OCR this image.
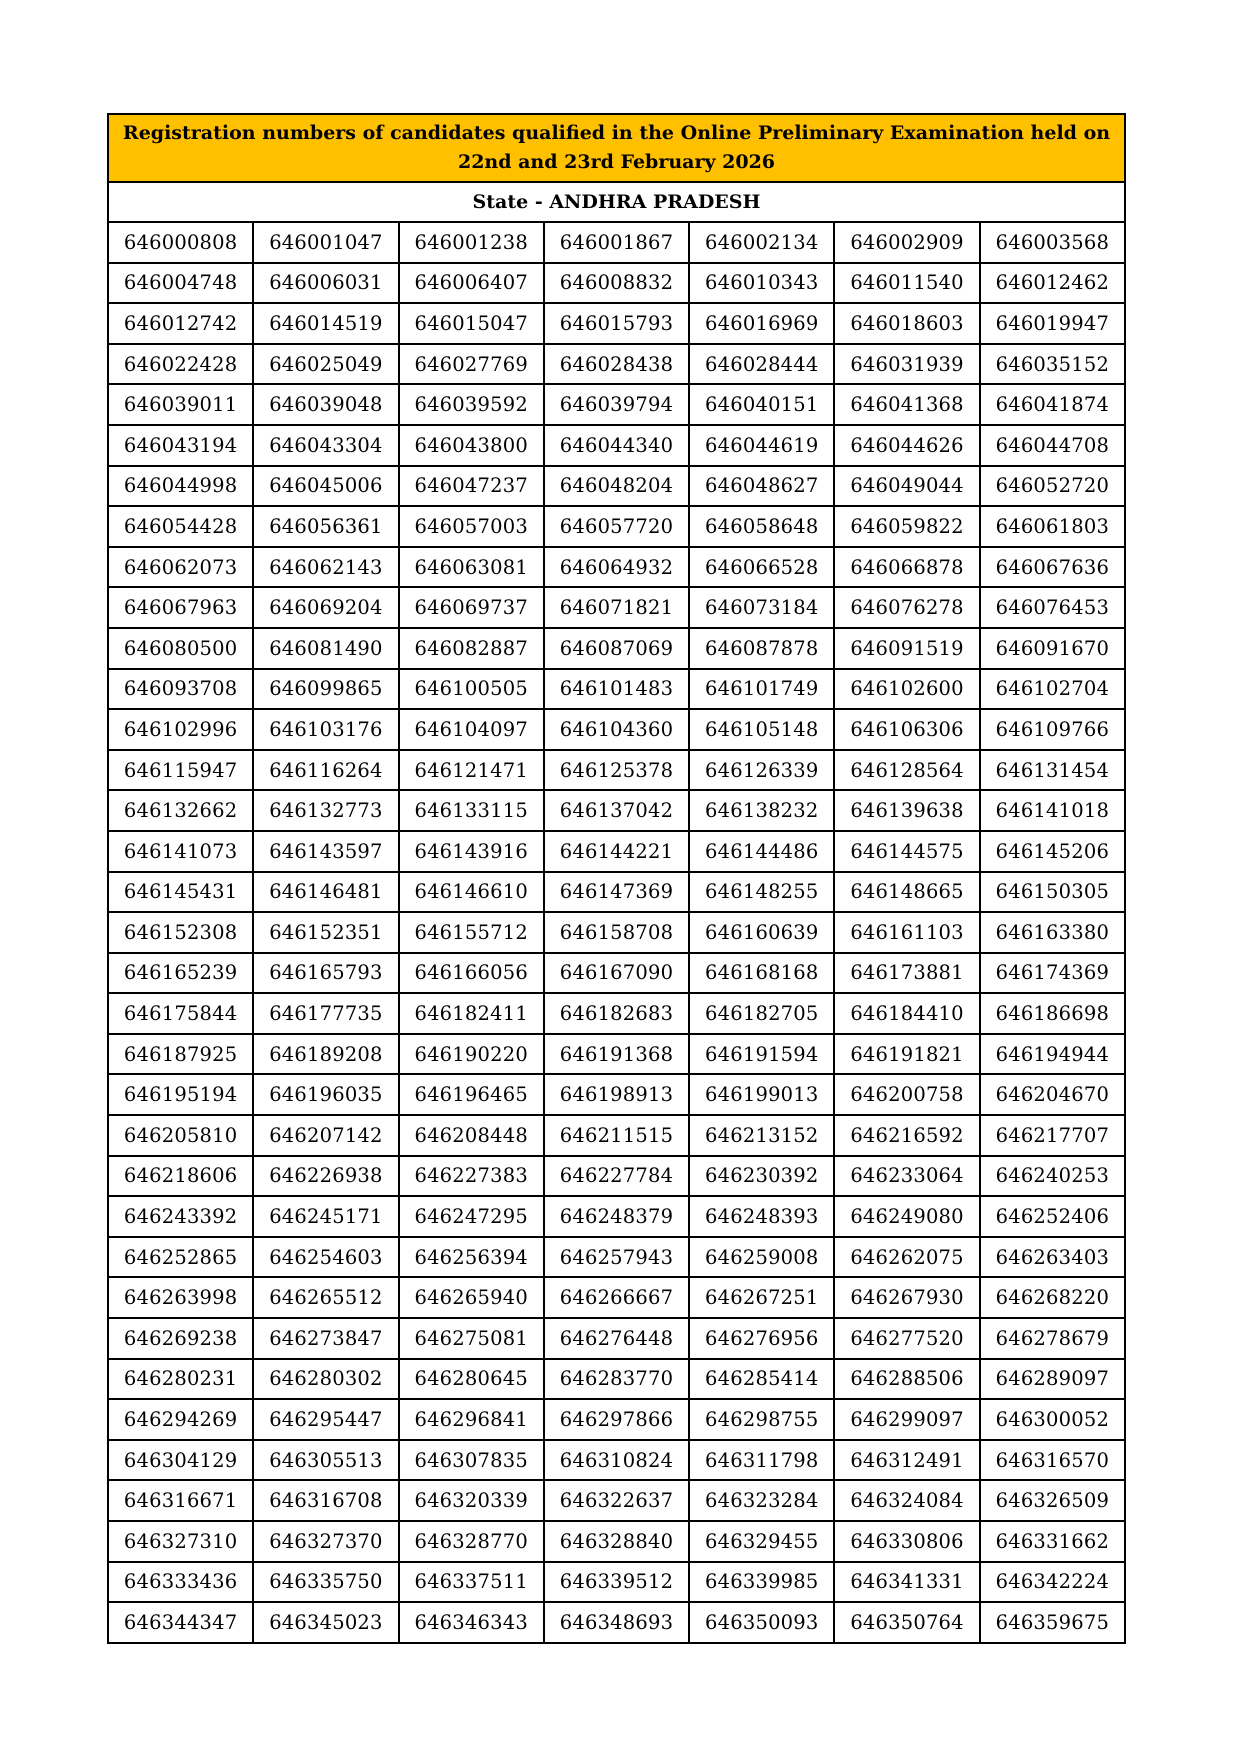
Registration numbers of candidates qualified in the Online Preliminary Examination held on
22nd and 23rd February 2026						
State - ANDHRA PRADESH						
646000808	646001047	646001238	646001867	646002134	646002909	646003568
646004748	646006031	646006407	646008832	646010343	646011540	646012462
646012742	646014519	646015047	646015793	646016969	646018603	646019947
646022428	646025049	646027769	646028438	646028444	646031939	646035152
646039011	646039048	646039592	646039794	646040151	646041368	646041874
646043194	646043304	646043800	646044340	646044619	646044626	646044708
646044998	646045006	646047237	646048204	646048627	646049044	646052720
646054428	646056361	646057003	646057720	646058648	646059822	646061803
646062073	646062143	646063081	646064932	646066528	646066878	646067636
646067963	646069204	646069737	646071821	646073184	646076278	646076453
646080500	646081490	646082887	646087069	646087878	646091519	646091670
646093708	646099865	646100505	646101483	646101749	646102600	646102704
646102996	646103176	646104097	646104360	646105148	646106306	646109766
646115947	646116264	646121471	646125378	646126339	646128564	646131454
646132662	646132773	646133115	646137042	646138232	646139638	646141018
646141073	646143597	646143916	646144221	646144486	646144575	646145206
646145431	646146481	646146610	646147369	646148255	646148665	646150305
646152308	646152351	646155712	646158708	646160639	646161103	646163380
646165239	646165793	646166056	646167090	646168168	646173881	646174369
646175844	646177735	646182411	646182683	646182705	646184410	646186698
646187925	646189208	646190220	646191368	646191594	646191821	646194944
646195194	646196035	646196465	646198913	646199013	646200758	646204670
646205810	646207142	646208448	646211515	646213152	646216592	646217707
646218606	646226938	646227383	646227784	646230392	646233064	646240253
646243392	646245171	646247295	646248379	646248393	646249080	646252406
646252865	646254603	646256394	646257943	646259008	646262075	646263403
646263998	646265512	646265940	646266667	646267251	646267930	646268220
646269238	646273847	646275081	646276448	646276956	646277520	646278679
646280231	646280302	646280645	646283770	646285414	646288506	646289097
646294269	646295447	646296841	646297866	646298755	646299097	646300052
646304129	646305513	646307835	646310824	646311798	646312491	646316570
646316671	646316708	646320339	646322637	646323284	646324084	646326509
646327310	646327370	646328770	646328840	646329455	646330806	646331662
646333436	646335750	646337511	646339512	646339985	646341331	646342224
646344347	646345023	646346343	646348693	646350093	646350764	646359675
